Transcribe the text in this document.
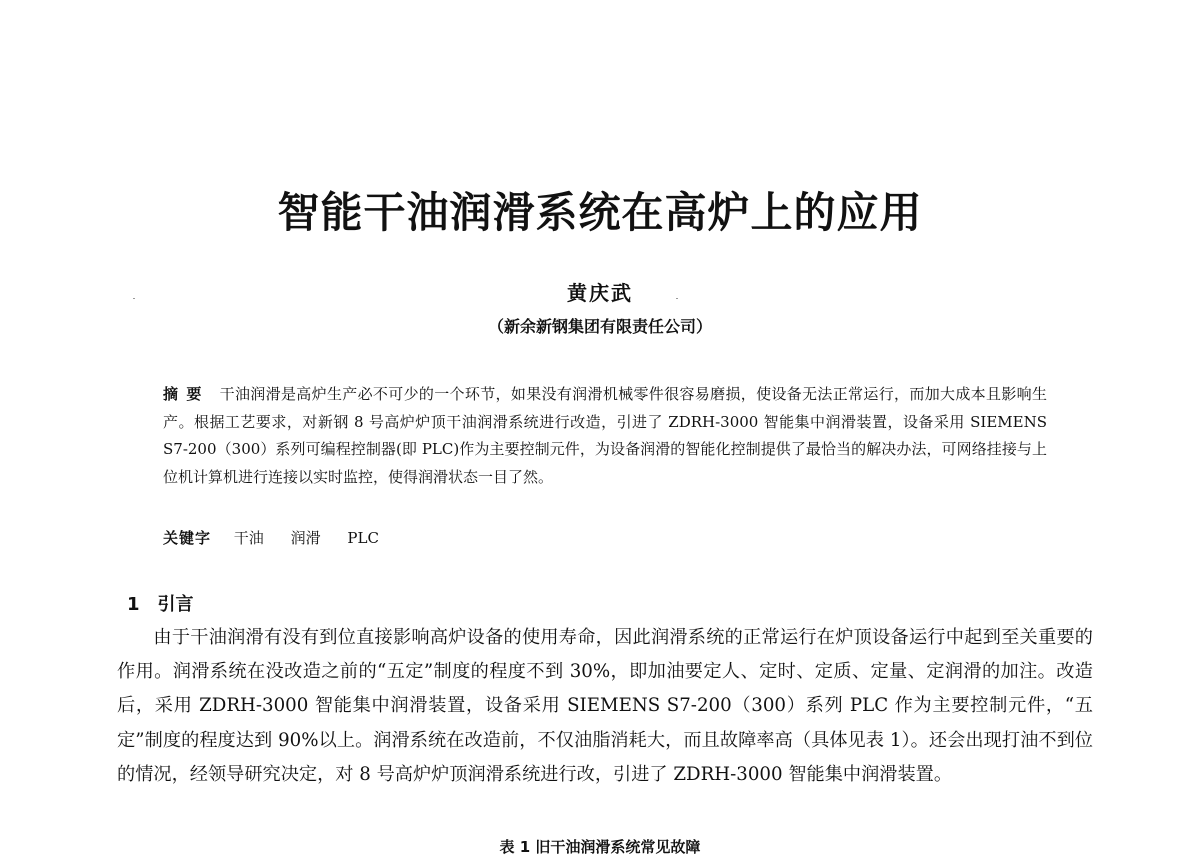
智能干油润滑系统在高炉上的应用
黄庆武
（新余新钢集团有限责任公司）
摘要 干油润滑是高炉生产必不可少的一个环节，如果没有润滑机械零件很容易磨损，使设备无法正常运行，而加大成本且影响生产。根据工艺要求，对新钢 8 号高炉炉顶干油润滑系统进行改造，引进了 ZDRH-3000 智能集中润滑装置，设备采用 SIEMENS S7-200（300）系列可编程控制器(即 PLC)作为主要控制元件，为设备润滑的智能化控制提供了最恰当的解决办法，可网络挂接与上位机计算机进行连接以实时监控，使得润滑状态一目了然。
关键字 干油 润滑 PLC
1 引言

由于干油润滑有没有到位直接影响高炉设备的使用寿命，因此润滑系统的正常运行在炉顶设备运行中起到至关重要的作用。润滑系统在没改造之前的“五定”制度的程度不到 30%，即加油要定人、定时、定质、定量、定润滑的加注。改造后，采用 ZDRH-3000 智能集中润滑装置，设备采用 SIEMENS S7-200（300）系列 PLC 作为主要控制元件，“五定”制度的程度达到 90%以上。润滑系统在改造前，不仅油脂消耗大，而且故障率高（具体见表 1）。还会出现打油不到位的情况，经领导研究决定，对 8 号高炉炉顶润滑系统进行改，引进了 ZDRH-3000 智能集中润滑装置。

表 1 旧干油润滑系统常见故障
